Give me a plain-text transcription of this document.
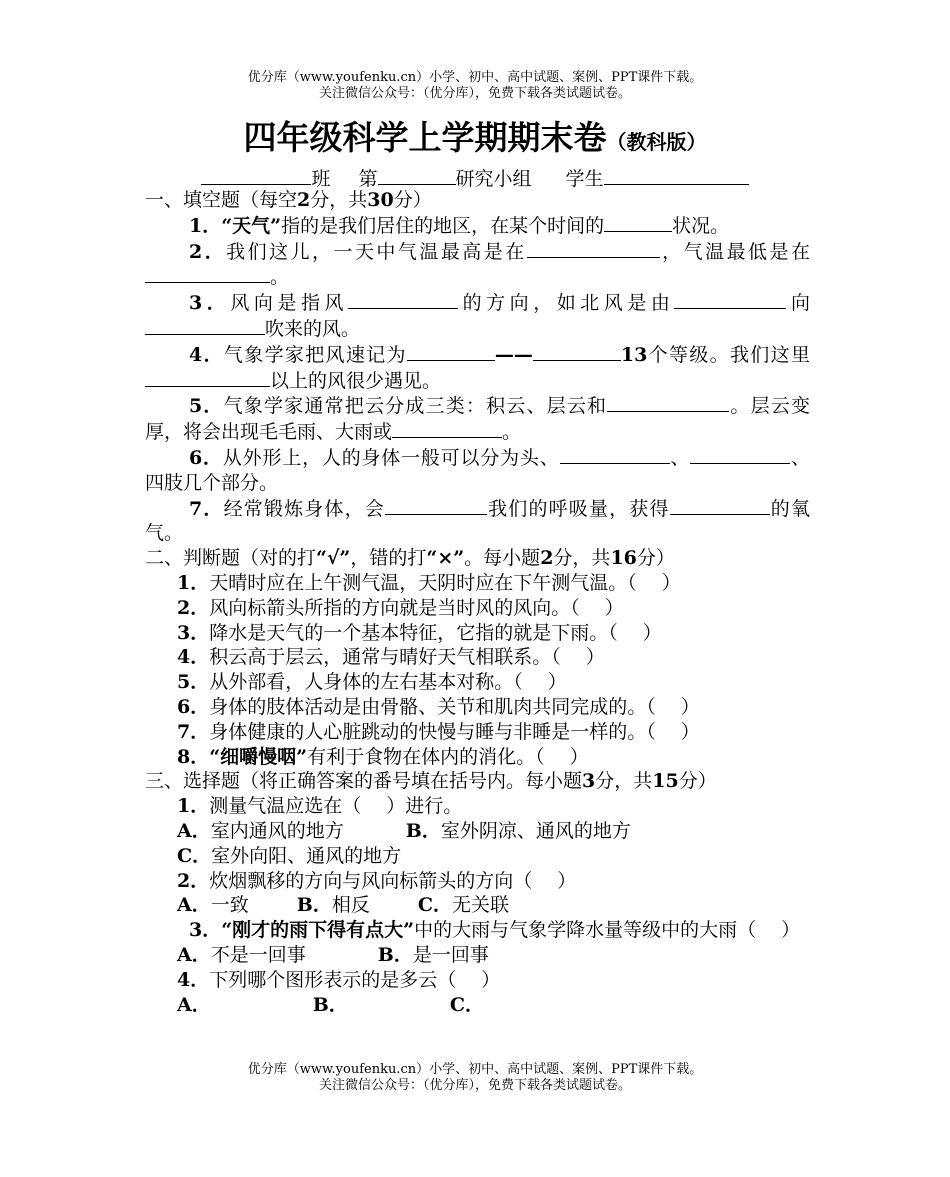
优分库（www.youfenku.cn）小学、初中、高中试题、案例、PPT课件下载。
关注微信公众号：（优分库），免费下载各类试题试卷。
四年级科学上学期期末卷（教科版）
班 第	研究小组 学生

一、填空题（每空2分，共30分）

1．“天气”指的是我们居住的地区，在某个时间的	状况。

2．我们这儿，一天中气温最高是在	，气温最低是在。

3．风向是指风	的方向，如北风是由	向吹来的风。

4．气象学家把风速记为	——	13个等级。我们这里以上的风很少遇见。

5．气象学家通常把云分成三类：积云、层云和	。层云变厚，将会出现毛毛雨、大雨或	。

6．从外形上，人的身体一般可以分为头、	、	、四肢几个部分。

7．经常锻炼身体，会	我们的呼吸量，获得	的氧气。

二、判断题（对的打“√”，错的打“×”。每小题2分，共16分）

1．天晴时应在上午测气温，天阴时应在下午测气温。（　 ）

2．风向标箭头所指的方向就是当时风的风向。（　 ）

3．降水是天气的一个基本特征，它指的就是下雨。（　 ）

4．积云高于层云，通常与晴好天气相联系。（　 ）

5．从外部看，人身体的左右基本对称。（　 ）

6．身体的肢体活动是由骨骼、关节和肌肉共同完成的。（　 ）

7．身体健康的人心脏跳动的快慢与睡与非睡是一样的。（　 ）

8．“细嚼慢咽”有利于食物在体内的消化。（　 ）

三、选择题（将正确答案的番号填在括号内。每小题3分，共15分）

1．测量气温应选在（　 ）进行。

A．室内通风的地方	B．室外阴凉、通风的地方

C．室外向阳、通风的地方

2．炊烟飘移的方向与风向标箭头的方向（　 ）

A．一致	B．相反	C．无关联

3．“刚才的雨下得有点大”中的大雨与气象学降水量等级中的大雨（　 ）

A．不是一回事	B．是一回事

4．下列哪个图形表示的是多云（　 ）

A．	B．	C．

优分库（www.youfenku.cn）小学、初中、高中试题、案例、PPT课件下载。
关注微信公众号：（优分库），免费下载各类试题试卷。
